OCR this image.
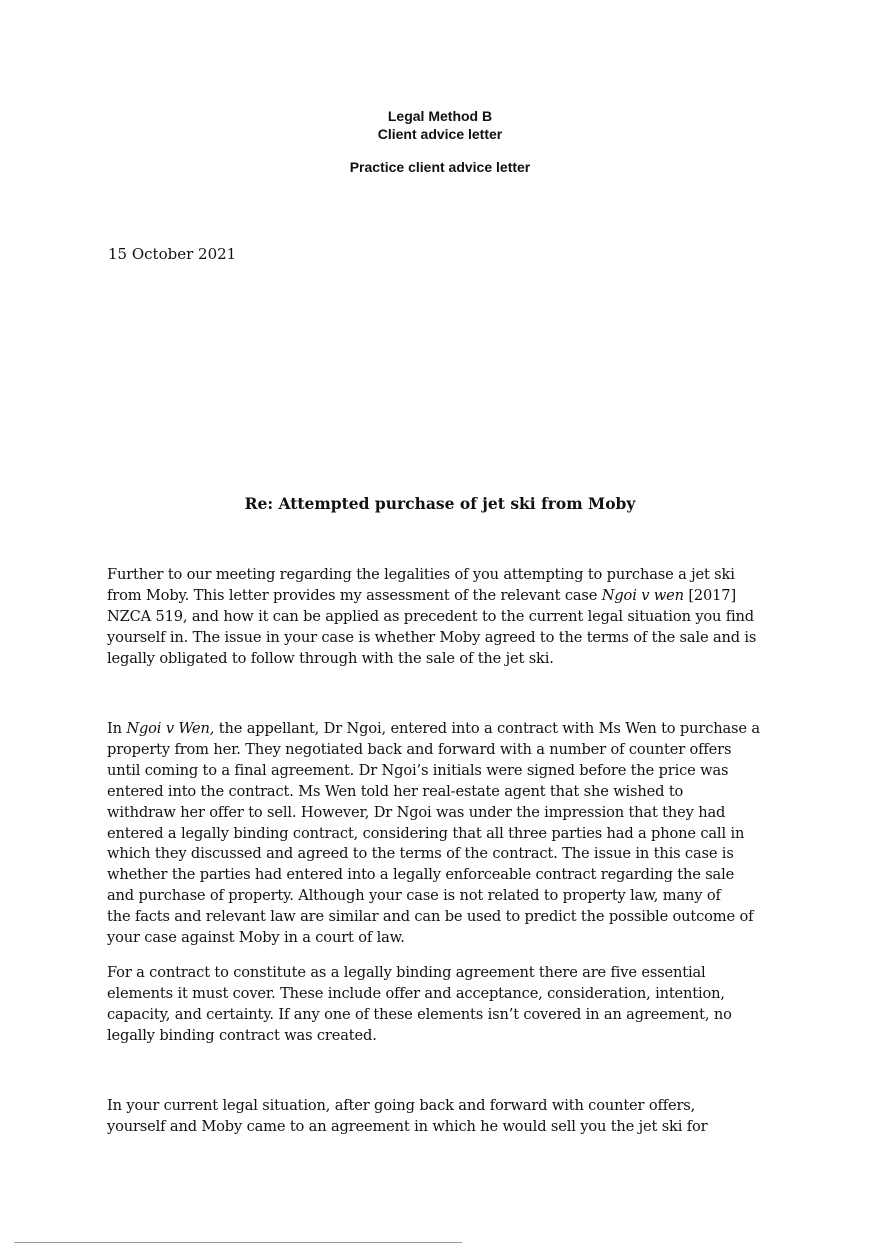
Legal Method B
Client advice letter
Practice client advice letter
15 October 2021
Re: Attempted purchase of jet ski from Moby

Further to our meeting regarding the legalities of you attempting to purchase a jet ski
from Moby. This letter provides my assessment of the relevant case Ngoi v wen [2017]
NZCA 519, and how it can be applied as precedent to the current legal situation you find
yourself in. The issue in your case is whether Moby agreed to the terms of the sale and is
legally obligated to follow through with the sale of the jet ski.

In Ngoi v Wen, the appellant, Dr Ngoi, entered into a contract with Ms Wen to purchase a
property from her. They negotiated back and forward with a number of counter offers
until coming to a final agreement. Dr Ngoi’s initials were signed before the price was
entered into the contract. Ms Wen told her real-estate agent that she wished to
withdraw her offer to sell. However, Dr Ngoi was under the impression that they had
entered a legally binding contract, considering that all three parties had a phone call in
which they discussed and agreed to the terms of the contract. The issue in this case is
whether the parties had entered into a legally enforceable contract regarding the sale
and purchase of property. Although your case is not related to property law, many of
the facts and relevant law are similar and can be used to predict the possible outcome of
your case against Moby in a court of law.

For a contract to constitute as a legally binding agreement there are five essential
elements it must cover. These include offer and acceptance, consideration, intention,
capacity, and certainty. If any one of these elements isn’t covered in an agreement, no
legally binding contract was created.

In your current legal situation, after going back and forward with counter offers,
yourself and Moby came to an agreement in which he would sell you the jet ski for
